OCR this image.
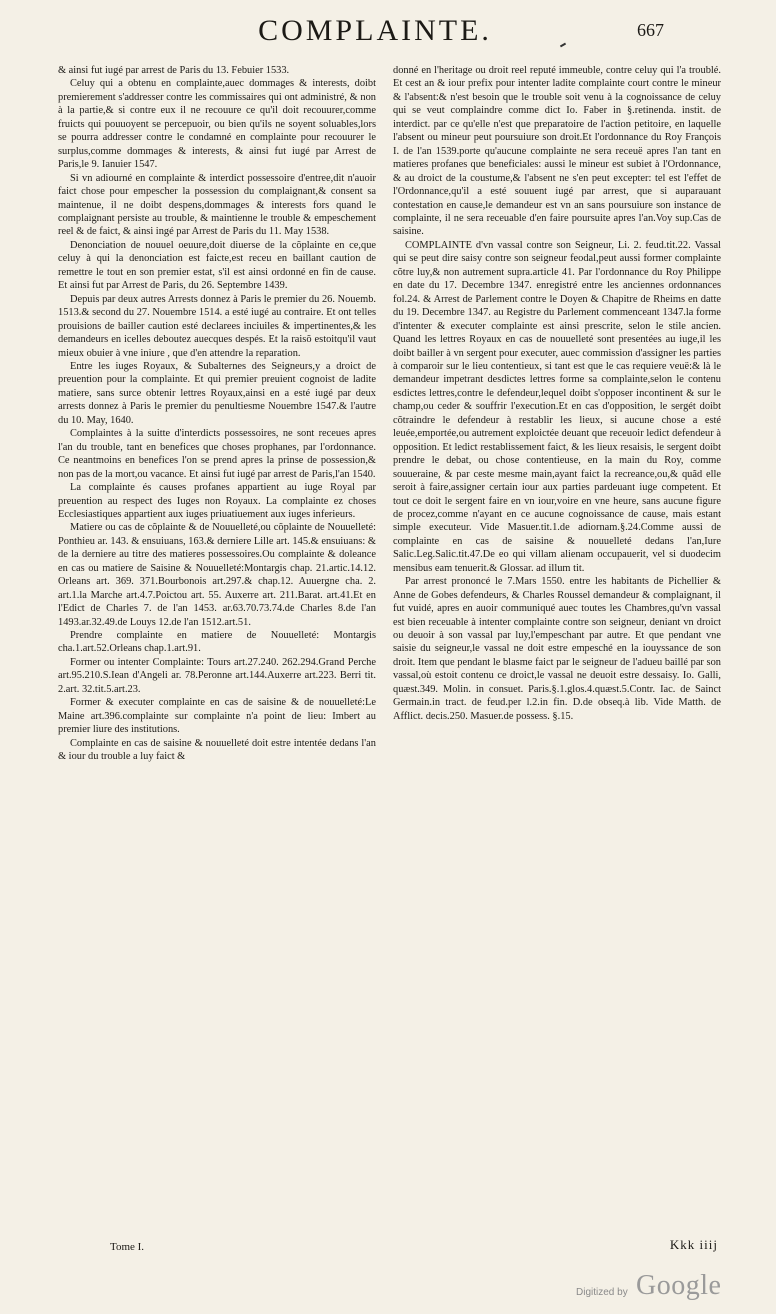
COMPLAINTE.	667

& ainsi fut iugé par arrest de Paris du 13. Febuier 1533.

Celuy qui a obtenu en complainte,auec dommages & interests, doibt premierement s'addresser contre les commissaires qui ont administré, & non à la partie,& si contre eux il ne recouure ce qu'il doit recouurer,comme fruicts qui pouuoyent se percepuoir, ou bien qu'ils ne soyent soluables,lors se pourra addresser contre le condamné en complainte pour recouurer le surplus,comme dommages & interests, & ainsi fut iugé par Arrest de Paris,le 9. Ianuier 1547.

Si vn adiourné en complainte & interdict possessoire d'entree,dit n'auoir faict chose pour empescher la possession du complaignant,& consent sa maintenue, il ne doibt despens,dommages & interests fors quand le complaignant persiste au trouble, & maintienne le trouble & empeschement reel & de faict, & ainsi ingé par Arrest de Paris du 11. May 1538.

Denonciation de nouuel oeuure,doit diuerse de la cõplainte en ce,que celuy à qui la denonciation est faicte,est receu en baillant caution de remettre le tout en son premier estat, s'il est ainsi ordonné en fin de cause. Et ainsi fut par Arrest de Paris, du 26. Septembre 1439.

Depuis par deux autres Arrests donnez à Paris le premier du 26. Nouemb. 1513.& second du 27. Nouembre 1514. a esté iugé au contraire. Et ont telles prouisions de bailler caution esté declarees inciuiles & impertinentes,& les demandeurs en icelles deboutez auecques despés. Et la raisõ estoitqu'il vaut mieux obuier à vne iniure , que d'en attendre la reparation.

Entre les iuges Royaux, & Subalternes des Seigneurs,y a droict de preuention pour la complainte. Et qui premier preuient cognoist de ladite matiere, sans surce obtenir lettres Royaux,ainsi en a esté iugé par deux arrests donnez à Paris le premier du penultiesme Nouembre 1547.& l'autre du 10. May, 1640.

Complaintes à la suitte d'interdicts possessoires, ne sont receues apres l'an du trouble, tant en benefices que choses prophanes, par l'ordonnance. Ce neantmoins en benefices l'on se prend apres la prinse de possession,& non pas de la mort,ou vacance. Et ainsi fut iugé par arrest de Paris,l'an 1540.

La complainte és causes profanes appartient au iuge Royal par preuention au respect des Iuges non Royaux. La complainte ez choses Ecclesiastiques appartient aux iuges priuatiuement aux iuges inferieurs.

Matiere ou cas de cõplainte & de Nouuelleté,ou cõplainte de Nouuelleté: Ponthieu ar. 143. & ensuiuans, 163.& derniere Lille art. 145.& ensuiuans: & de la derniere au titre des matieres possessoires.Ou complainte & doleance en cas ou matiere de Saisine & Nouuelleté:Montargis chap. 21.artic.14.12. Orleans art. 369. 371.Bourbonois art.297.& chap.12. Auuergne cha. 2. art.1.la Marche art.4.7.Poictou art. 55. Auxerre art. 211.Barat. art.41.Et en l'Edict de Charles 7. de l'an 1453. ar.63.70.73.74.de Charles 8.de l'an 1493.ar.32.49.de Louys 12.de l'an 1512.art.51.

Prendre complainte en matiere de Nouuelleté: Montargis cha.1.art.52.Orleans chap.1.art.91.

Former ou intenter Complainte: Tours art.27.240. 262.294.Grand Perche art.95.210.S.Iean d'Angeli ar. 78.Peronne art.144.Auxerre art.223. Berri tit. 2.art. 32.tit.5.art.23.

Former & executer complainte en cas de saisine & de nouuelleté:Le Maine art.396.complainte sur complainte n'a point de lieu: Imbert au premier liure des institutions.

Complainte en cas de saisine & nouuelleté doit estre intentée dedans l'an & iour du trouble a luy faict &

donné en l'heritage ou droit reel reputé immeuble, contre celuy qui l'a troublé. Et cest an & iour prefix pour intenter ladite complainte court contre le mineur & l'absent:& n'est besoin que le trouble soit venu à la cognoissance de celuy qui se veut complaindre comme dict Io. Faber in §.retinenda. instit. de interdict. par ce qu'elle n'est que preparatoire de l'action petitoire, en laquelle l'absent ou mineur peut poursuiure son droit.Et l'ordonnance du Roy François I. de l'an 1539.porte qu'aucune complainte ne sera receuë apres l'an tant en matieres profanes que beneficiales: aussi le mineur est subiet à l'Ordonnance, & au droict de la coustume,& l'absent ne s'en peut excepter: tel est l'effet de l'Ordonnance,qu'il a esté souuent iugé par arrest, que si auparauant contestation en cause,le demandeur est vn an sans poursuiure son instance de complainte, il ne sera receuable d'en faire poursuite apres l'an.Voy sup.Cas de saisine.

COMPLAINTE d'vn vassal contre son Seigneur, Li. 2. feud.tit.22. Vassal qui se peut dire saisy contre son seigneur feodal,peut aussi former complainte cõtre luy,& non autrement supra.article 41. Par l'ordonnance du Roy Philippe en date du 17. Decembre 1347. enregistré entre les anciennes ordonnances fol.24. & Arrest de Parlement contre le Doyen & Chapitre de Rheims en datte du 19. Decembre 1347. au Registre du Parlement commenceant 1347.la forme d'intenter & executer complainte est ainsi prescrite, selon le stile ancien. Quand les lettres Royaux en cas de nouuelleté sont presentées au iuge,il les doibt bailler à vn sergent pour executer, auec commission d'assigner les parties à comparoir sur le lieu contentieux, si tant est que le cas requiere veuë:& là le demandeur impetrant desdictes lettres forme sa complainte,selon le contenu esdictes lettres,contre le defendeur,lequel doibt s'opposer incontinent & sur le champ,ou ceder & souffrir l'execution.Et en cas d'opposition, le sergét doibt cõtraindre le defendeur à restablir les lieux, si aucune chose a esté leuée,emportée,ou autrement exploictée deuant que receuoir ledict defendeur à opposition. Et ledict restablissement faict, & les lieux resaisis, le sergent doibt prendre le debat, ou chose contentieuse, en la main du Roy, comme souueraine, & par ceste mesme main,ayant faict la recreance,ou,& quãd elle seroit à faire,assigner certain iour aux parties pardeuant iuge competent. Et tout ce doit le sergent faire en vn iour,voire en vne heure, sans aucune figure de procez,comme n'ayant en ce aucune cognoissance de cause, mais estant simple executeur. Vide Masuer.tit.1.de adiornam.§.24.Comme aussi de complainte en cas de saisine & nouuelleté dedans l'an,Iure Salic.Leg.Salic.tit.47.De eo qui villam alienam occupauerit, vel si duodecim mensibus eam tenuerit.& Glossar. ad illum tit.

Par arrest prononcé le 7.Mars 1550. entre les habitants de Pichellier & Anne de Gobes defendeurs, & Charles Roussel demandeur & complaignant, il fut vuidé, apres en auoir communiqué auec toutes les Chambres,qu'vn vassal est bien receuable à intenter complainte contre son seigneur, deniant vn droict ou deuoir à son vassal par luy,l'empeschant par autre. Et que pendant vne saisie du seigneur,le vassal ne doit estre empesché en la iouyssance de son droit. Item que pendant le blasme faict par le seigneur de l'adueu baillé par son vassal,où estoit contenu ce droict,le vassal ne deuoit estre dessaisy. Io. Galli, quæst.349. Molin. in consuet. Paris.§.1.glos.4.quæst.5.Contr. Iac. de Sainct Germain.in tract. de feud.per l.2.in fin. D.de obseq.à lib. Vide Matth. de Afflict. decis.250. Masuer.de possess. §.15.

Tome I.	Kkk iiij
Digitized by Google
